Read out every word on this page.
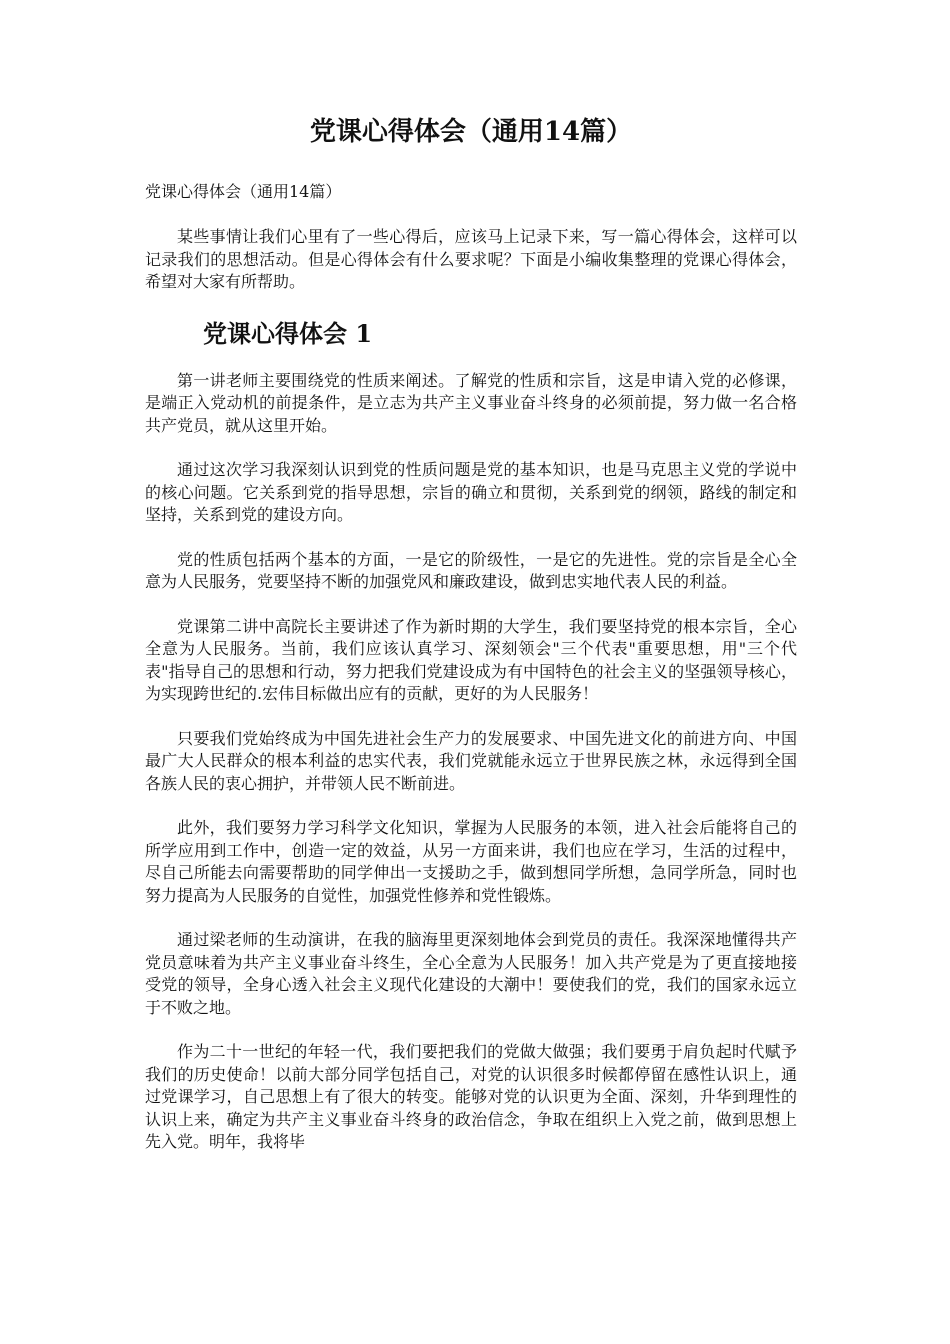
党课心得体会（通用14篇）
党课心得体会（通用14篇）

某些事情让我们心里有了一些心得后，应该马上记录下来，写一篇心得体会，这样可以记录我们的思想活动。但是心得体会有什么要求呢？下面是小编收集整理的党课心得体会，希望对大家有所帮助。

党课心得体会 1

第一讲老师主要围绕党的性质来阐述。了解党的性质和宗旨，这是申请入党的必修课，是端正入党动机的前提条件，是立志为共产主义事业奋斗终身的必须前提，努力做一名合格共产党员，就从这里开始。

通过这次学习我深刻认识到党的性质问题是党的基本知识，也是马克思主义党的学说中的核心问题。它关系到党的指导思想，宗旨的确立和贯彻，关系到党的纲领，路线的制定和坚持，关系到党的建设方向。

党的性质包括两个基本的方面，一是它的阶级性，一是它的先进性。党的宗旨是全心全意为人民服务，党要坚持不断的加强党风和廉政建设，做到忠实地代表人民的利益。

党课第二讲中高院长主要讲述了作为新时期的大学生，我们要坚持党的根本宗旨，全心全意为人民服务。当前，我们应该认真学习、深刻领会"三个代表"重要思想，用"三个代表"指导自己的思想和行动，努力把我们党建设成为有中国特色的社会主义的坚强领导核心，为实现跨世纪的.宏伟目标做出应有的贡献，更好的为人民服务！

只要我们党始终成为中国先进社会生产力的发展要求、中国先进文化的前进方向、中国最广大人民群众的根本利益的忠实代表，我们党就能永远立于世界民族之林，永远得到全国各族人民的衷心拥护，并带领人民不断前进。

此外，我们要努力学习科学文化知识，掌握为人民服务的本领，进入社会后能将自己的所学应用到工作中，创造一定的效益，从另一方面来讲，我们也应在学习，生活的过程中，尽自己所能去向需要帮助的同学伸出一支援助之手，做到想同学所想，急同学所急，同时也努力提高为人民服务的自觉性，加强党性修养和党性锻炼。

通过梁老师的生动演讲，在我的脑海里更深刻地体会到党员的责任。我深深地懂得共产党员意味着为共产主义事业奋斗终生，全心全意为人民服务！加入共产党是为了更直接地接受党的领导，全身心透入社会主义现代化建设的大潮中！要使我们的党，我们的国家永远立于不败之地。

作为二十一世纪的年轻一代，我们要把我们的党做大做强；我们要勇于肩负起时代赋予我们的历史使命！以前大部分同学包括自己，对党的认识很多时候都停留在感性认识上，通过党课学习，自己思想上有了很大的转变。能够对党的认识更为全面、深刻，升华到理性的认识上来，确定为共产主义事业奋斗终身的政治信念，争取在组织上入党之前，做到思想上先入党。明年，我将毕
